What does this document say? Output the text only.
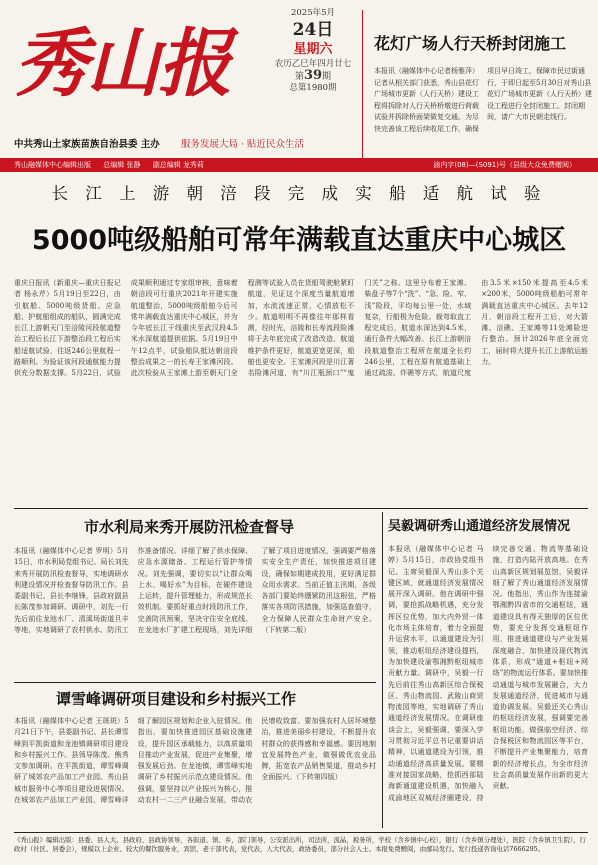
秀山报
2025年5月
24日
星期六
农历乙巳年四月廿七
第39期
总第1980期
花灯广场人行天桥封闭施工
本报讯（融媒体中心记者杨雅萍）记者从相关部门获悉，秀山县花灯广场城市更新（人行天桥）建设工程将拆除对人行天桥桥墩进行荷载试验并拆除桥面架做复交通。为尽快完善该工程后续收尾工作，确保项目早日竣工，保障市民过街通行，于即日起至5月30日对秀山县花灯广场城市更新（人行天桥）建设工程进行全封闭施工。封闭期间，请广大市民朝走线行。
中共秀山土家族苗族自治县委 主办 服务发展大局 · 贴近民众生活
秀山融媒体中心编辑出版 总编辑 张静 副总编辑 龙秀莉	渝内字(08)—(S091)号（县级大众免费赠阅）
长 江 上 游 朝 涪 段 完 成 实 船 适 航 试 验
5000吨级船舶可常年满载直达重庆中心城区
重庆日报讯（新重庆—重庆日报记者 杨永芹）5月19日至22日，由引航船、5000吨级货船、应急船、护航船组成的船队，圆满完成长江上游朝天门至涪陵河段航道整治工程后长江下游整治段工程后实船适航试验，往返246公里航程一路顺利。为验证该河段通航能力提供充分数据支撑。5月22日，试验成果顺利通过专家组审核，意味着朝涪段可行重庆2021年开建实施航道整治，5000吨级船舶今后可常年满载直达重庆中心城区，并为今年底长江干线重庆至武汉段4.5米水深航道提供依据。5月19日中午12点半，试验船队抵达朝涪段整治成果之一的长寿王家滩河段。此次检验从王家滩上游至朝天门全程测等试验人员在货船驾驶舱紧盯航道，见证这个深度当量航道增加，水流流速正常，心情放松不少。航道明明不再像往年那样看测，经时光，涪陵和长寿流段险滩将于去年底完成了改造改造，航道维护条件更好，航道更宽更深，船舶也更安全。王家滩河段是川江著名险滩河道，有“川江瓶颈口”“鬼门关”之称。这里分布着王家滩、柴盘子等7个“洗”、“急、险、窄、浅”险段，平均每公里一处，水域复杂，行船极为危险。裁弯取直工程完成后，航道水深达到4.5米，通行条件大幅改善。长江上游朝涪段航道整治工程所在航道全长约246公里，工程在原有航道基础上通过疏浚、炸礁等方式，航道尺度由3.5米×150米提高至4.5米×200米，5000吨级船舶可常年满载直达重庆中心城区。去年12月，朝涪段工程开工后，对大箭滩、涪礁、王家滩等11处滩险进行整治。预计2026年底全面完工，届时将大提升长江上游航运能力。
市水利局来秀开展防汛检查督导
本报讯（融媒体中心记者 罗明）5月15日，市水利局党组书记、局长刘先来秀开展防汛检查督导，实地调研水利建设情况并检查督导防汛工作。县委副书记、县长李继锋，县政府副县长陈茂参加调研。调研中，刘先一行先后前往龙池水厂、清溪场街道旦丰等地，实地调研了农村供水、防汛工作准备情况。详细了解了供水保障、应急水源储备、工程运行管护等情况。刘先强调，要切实以“让群众喝上水、喝好水”为目标，在硬件建设上运转，提升管理能力，形成规范长效机制。要抓好重点时段防汛工作，完善防汛预案，坚决守住安全底线。在龙池水厂扩建工程现场，刘先详细了解了项目进度情况，强调要严格落实安全生产责任，加快推进项目建设，确保如期建成投用，更好满足群众用水需求。当前正值主汛期，各级各部门要始终绷紧防汛这根弦，严格落实各项防汛措施，加强巡查值守，全力保障人民群众生命财产安全。（下转第二版）
谭雪峰调研项目建设和乡村振兴工作
本报讯（融媒体中心记者 王斑斑）5月21日下午，县委副书记、县长谭雪峰到平凯街道和龙池镇调研项目建设和乡村振兴工作。县领导陈茂、熊秀文参加调研。在平凯街道，谭雪峰调研了城郊农产品加工产业园、秀山县城市服务中心等项目建设进展情况。在城郊农产品加工产业园，谭雪峰详细了解园区规划和企业入驻情况。他指出，要加快推进园区基础设施建设，提升园区承载能力，以高质量项目推动产业发展，促进产业集聚，增强发展后劲。在龙池镇，谭雪峰实地调研了乡村振兴示范点建设情况。他强调，要坚持以产业振兴为核心，推动农村一二三产业融合发展，带动农民增收致富。要加强农村人居环境整治，推进美丽乡村建设，不断提升农村群众的获得感和幸福感。要因地制宜发展特色产业，做强做优农业品牌，拓宽农产品销售渠道，推动乡村全面振兴。（下转第四版）
吴毅调研秀山通道经济发展情况
本报讯（融媒体中心记者 马婷）5月15日，市政协党组书记、主席吴毅深入秀山多个关键区域，就通道经济发展情况展开深入调研。他在调研中强调，要抢抓战略机遇，充分发挥区位优势，加大内外贸一体化市场主体培育，着力全面提升运营水平，以通道建设为引领，推动枢纽经济建设提档，为加快建设渝鄂湘黔枢纽城市贡献力量。调研中，吴毅一行先后前往秀山高新区综合保税区、秀山物流园、武陵山商贸物流园等地，实地调研了秀山通道经济发展情况。在调研座谈会上，吴毅强调，要深入学习贯彻习近平总书记重要讲话精神，以通道建设为引领，推动通道经济高质量发展。要精准对接国家战略，抢抓西部陆海新通道建设机遇，加快融入成渝地区双城经济圈建设，持续完善交通、物流等基础设施，打造内陆开放高地。在秀山高新区规划展览馆，吴毅详细了解了秀山通道经济发展情况。他指出，秀山作为连接渝鄂湘黔四省市的交通枢纽，通道建设具有得天独厚的区位优势，要充分发挥交通枢纽作用，推进通道建设与产业发展深度融合，加快建设现代物流体系，形成“通道+枢纽+网络”的物流运行体系。要加快推动通道与城市发展融合，大力发展通道经济，促进城市与通道协调发展。吴毅还关心秀山的枢纽经济发展，强调要完善枢纽功能，做强临空经济、综合保税区和物流园区等平台，不断提升产业集聚能力，培育新的经济增长点，为全市经济社会高质量发展作出新的更大贡献。
《秀山报》编辑出版：县委、县人大、县政府、县政协领导，各街道、镇、乡，部门领导，公安派出所，司法所，流晶，税务所，学校（含乡镇中心校），银行（含乡镇分理处），医院（含乡镇卫生院），行政村（社区、居委会），规模以上企业、较大的餐饮服务业，宾馆，老干部代表，党代表，人大代表，政协委员，部分社会人士。本报免费赠阅，由邮局发行。发行投递咨询电话7666295。
